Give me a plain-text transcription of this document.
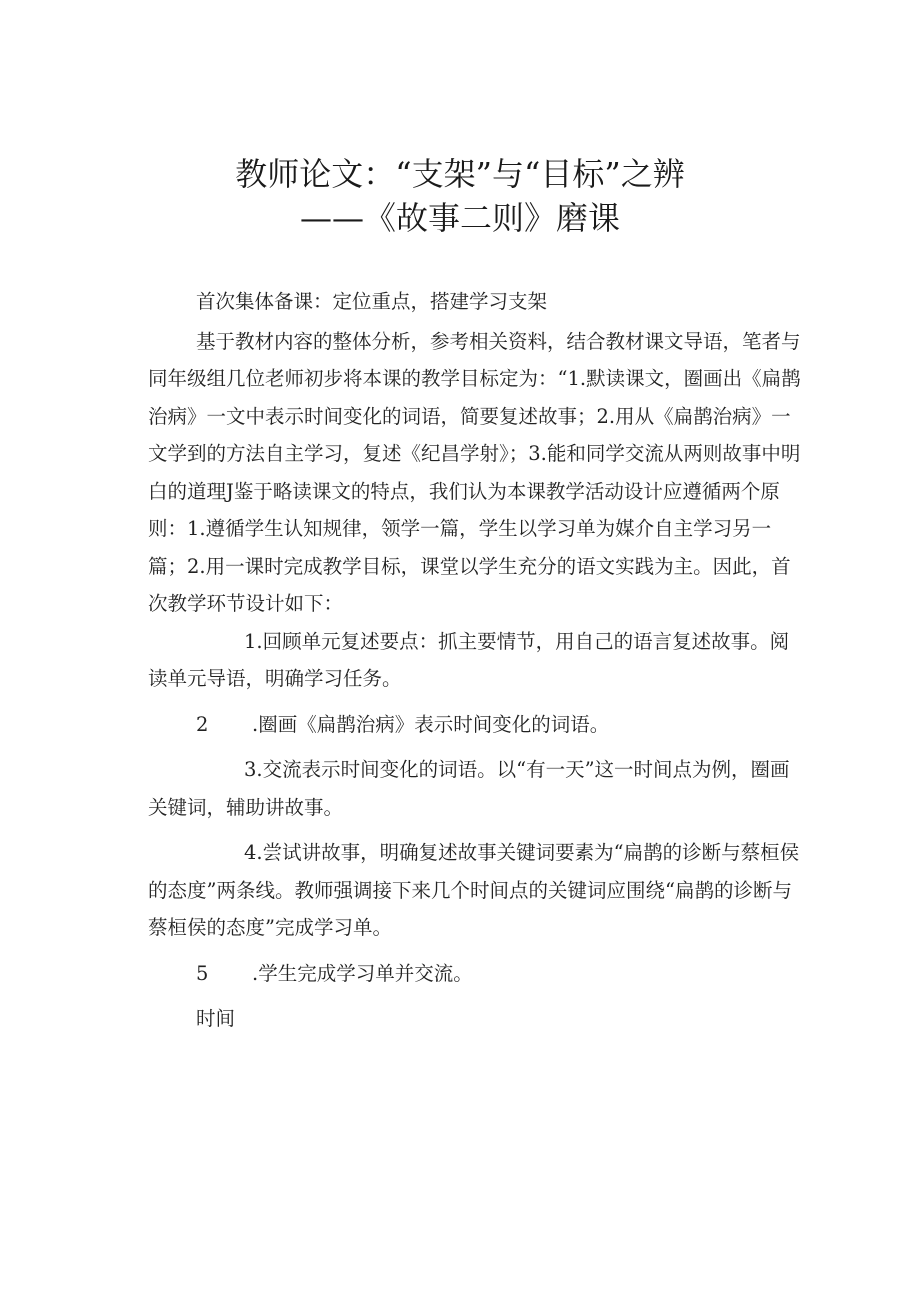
教师论文：“支架”与“目标”之辨
——《故事二则》磨课

首次集体备课：定位重点，搭建学习支架

基于教材内容的整体分析，参考相关资料，结合教材课文导语，笔者与同年级组几位老师初步将本课的教学目标定为：“1.默读课文，圈画出《扁鹊治病》一文中表示时间变化的词语，简要复述故事；2.用从《扁鹊治病》一文学到的方法自主学习，复述《纪昌学射》；3.能和同学交流从两则故事中明白的道理J鉴于略读课文的特点，我们认为本课教学活动设计应遵循两个原则：1.遵循学生认知规律，领学一篇，学生以学习单为媒介自主学习另一篇；2.用一课时完成教学目标，课堂以学生充分的语文实践为主。因此，首次教学环节设计如下：

1.回顾单元复述要点：抓主要情节，用自己的语言复述故事。阅读单元导语，明确学习任务。

2 .圈画《扁鹊治病》表示时间变化的词语。

3.交流表示时间变化的词语。以“有一天”这一时间点为例，圈画关键词，辅助讲故事。

4.尝试讲故事，明确复述故事关键词要素为“扁鹊的诊断与蔡桓侯的态度”两条线。教师强调接下来几个时间点的关键词应围绕“扁鹊的诊断与蔡桓侯的态度”完成学习单。

5 .学生完成学习单并交流。

时间
